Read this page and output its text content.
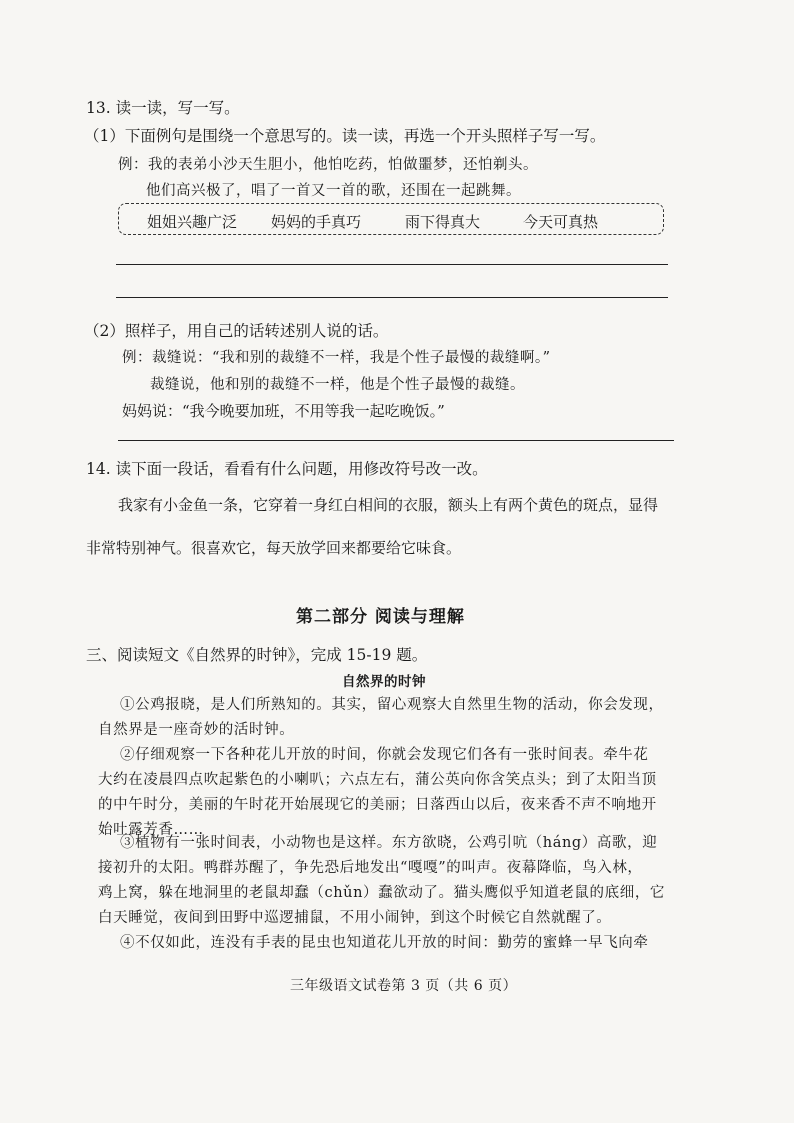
13. 读一读，写一写。
（1）下面例句是围绕一个意思写的。读一读，再选一个开头照样子写一写。
例：我的表弟小沙天生胆小，他怕吃药，怕做噩梦，还怕剃头。
他们高兴极了，唱了一首又一首的歌，还围在一起跳舞。
姐姐兴趣广泛 妈妈的手真巧	雨下得真大	今天可真热
（2）照样子，用自己的话转述别人说的话。
例：裁缝说：“我和别的裁缝不一样，我是个性子最慢的裁缝啊。”
裁缝说，他和别的裁缝不一样，他是个性子最慢的裁缝。
妈妈说：“我今晚要加班，不用等我一起吃晚饭。”
14. 读下面一段话，看看有什么问题，用修改符号改一改。
我家有小金鱼一条，它穿着一身红白相间的衣服，额头上有两个黄色的斑点，显得
非常特别神气。很喜欢它，每天放学回来都要给它味食。
第二部分 阅读与理解
三、阅读短文《自然界的时钟》，完成 15-19 题。
自然界的时钟
①公鸡报晓，是人们所熟知的。其实，留心观察大自然里生物的活动，你会发现，
自然界是一座奇妙的活时钟。
②仔细观察一下各种花儿开放的时间，你就会发现它们各有一张时间表。牵牛花
大约在凌晨四点吹起紫色的小喇叭；六点左右，蒲公英向你含笑点头；到了太阳当顶
的中午时分，美丽的午时花开始展现它的美丽；日落西山以后，夜来香不声不响地开
始吐露芳香……
③植物有一张时间表，小动物也是这样。东方欲晓，公鸡引吭（háng）高歌，迎
接初升的太阳。鸭群苏醒了，争先恐后地发出“嘎嘎”的叫声。夜幕降临，鸟入林，
鸡上窝，躲在地洞里的老鼠却蠢（chǔn）蠢欲动了。猫头鹰似乎知道老鼠的底细，它
白天睡觉，夜间到田野中巡逻捕鼠，不用小闹钟，到这个时候它自然就醒了。
④不仅如此，连没有手表的昆虫也知道花儿开放的时间：勤劳的蜜蜂一早飞向牵
三年级语文试卷第 3 页（共 6 页）
